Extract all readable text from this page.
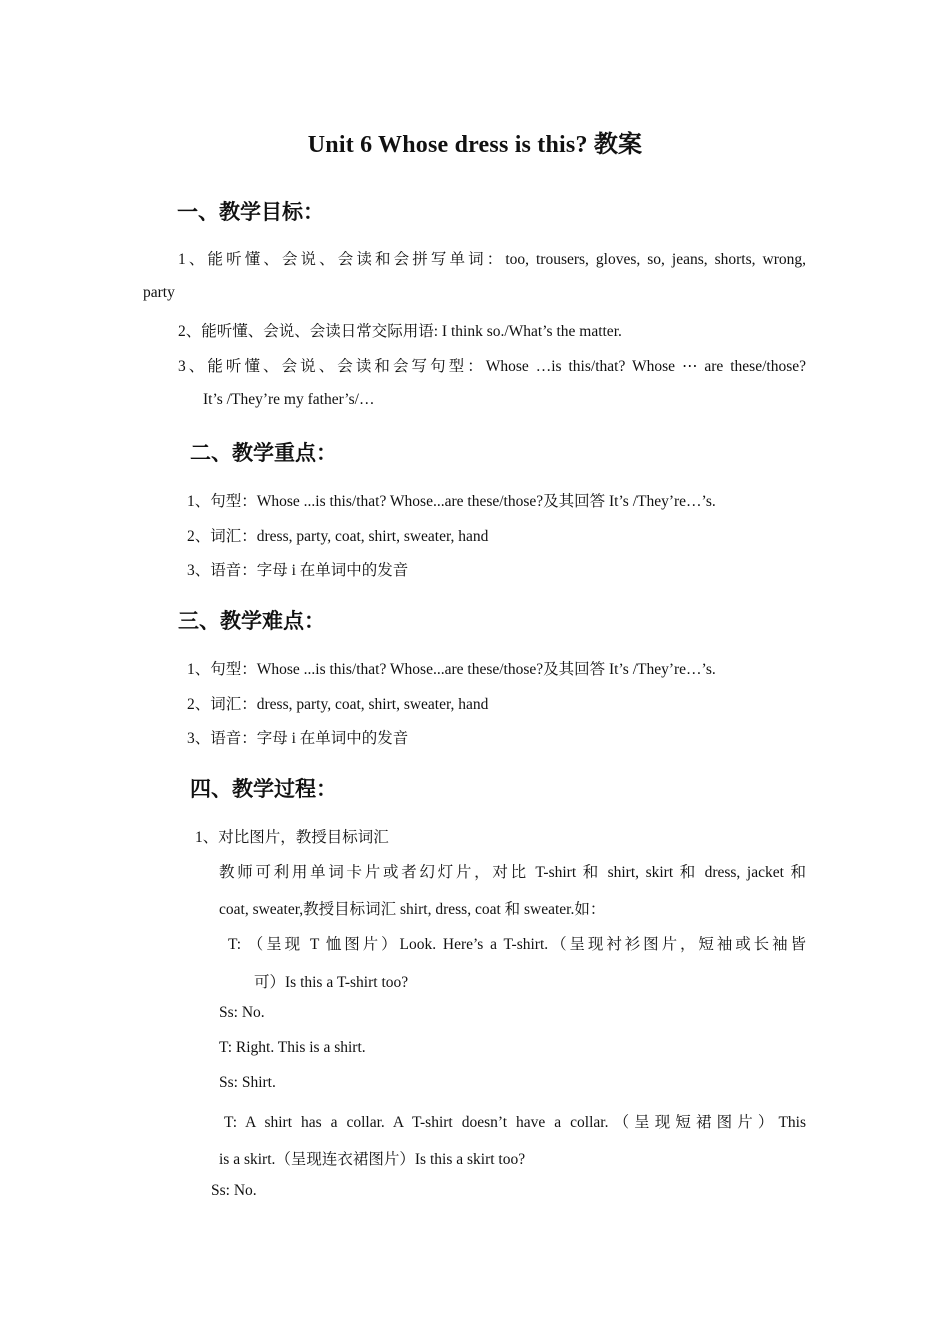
Unit 6 Whose dress is this? 教案
一、教学目标：
1、能听懂、会说、会读和会拼写单词：too, trousers, gloves, so, jeans, shorts, wrong,
party
2、能听懂、会说、会读日常交际用语: I think so./What’s the matter.
3、能听懂、会说、会读和会写句型：Whose …is this/that? Whose ⋯ are these/those?
It’s /They’re my father’s/…
二、教学重点：
1、句型：Whose ...is this/that? Whose...are these/those?及其回答 It’s /They’re…’s.
2、词汇：dress, party, coat, shirt, sweater, hand
3、语音：字母 i 在单词中的发音
三、教学难点：
1、句型：Whose ...is this/that? Whose...are these/those?及其回答 It’s /They’re…’s.
2、词汇：dress, party, coat, shirt, sweater, hand
3、语音：字母 i 在单词中的发音
四、教学过程：
1、对比图片，教授目标词汇
教师可利用单词卡片或者幻灯片，对比 T-shirt 和 shirt, skirt 和 dress, jacket 和
coat, sweater,教授目标词汇 shirt, dress, coat 和 sweater.如：
T: （呈现 T 恤图片）Look. Here’s a T-shirt.（呈现衬衫图片，短袖或长袖皆
可）Is this a T-shirt too?
Ss: No.
T: Right. This is a shirt.
Ss: Shirt.
T: A shirt has a collar. A T-shirt doesn’t have a collar.（呈现短裙图片）This
is a skirt.（呈现连衣裙图片）Is this a skirt too?
Ss: No.
